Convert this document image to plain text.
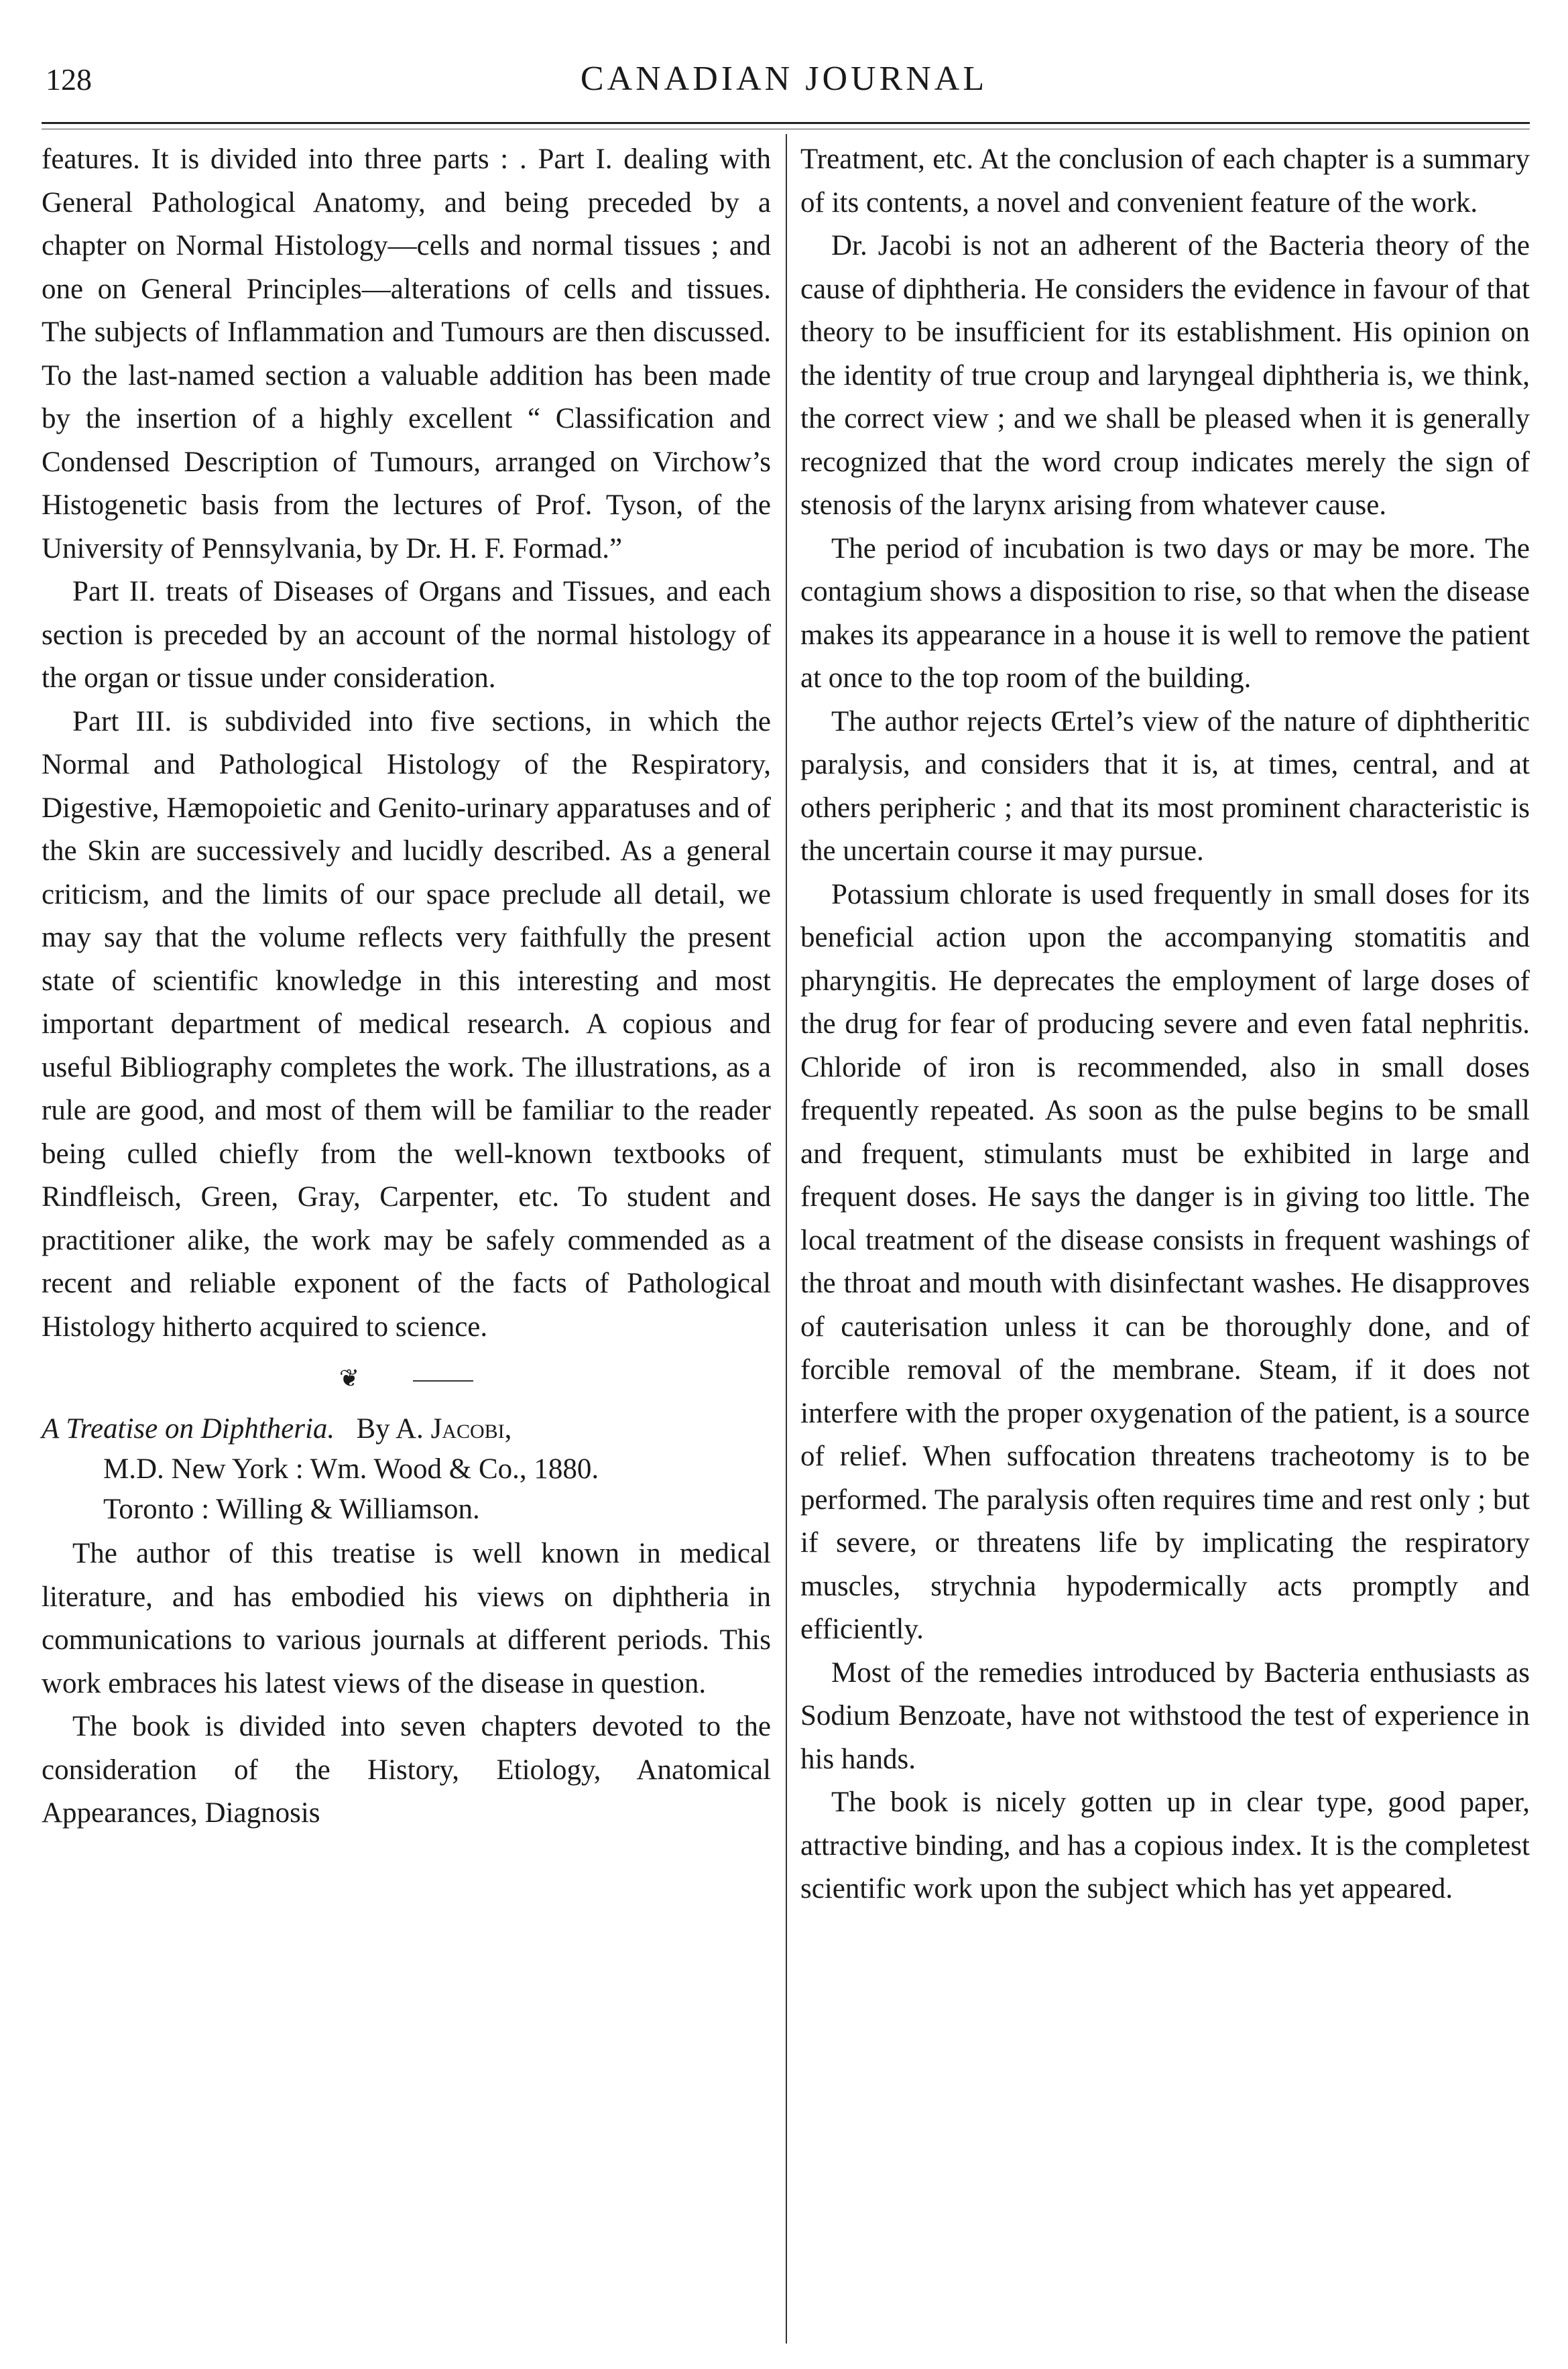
128	CANADIAN JOURNAL

features. It is divided into three parts : . Part I. dealing with General Pathological Anatomy, and being preceded by a chapter on Normal Histology—cells and normal tissues ; and one on General Principles—alterations of cells and tissues. The subjects of Inflammation and Tumours are then discussed. To the last-named section a valuable addition has been made by the insertion of a highly excellent “ Classification and Condensed Description of Tumours, arranged on Virchow’s Histogenetic basis from the lectures of Prof. Tyson, of the University of Pennsylvania, by Dr. H. F. Formad.”

Part II. treats of Diseases of Organs and Tissues, and each section is preceded by an account of the normal histology of the organ or tissue under consideration.

Part III. is subdivided into five sections, in which the Normal and Pathological Histology of the Respiratory, Digestive, Hæmopoietic and Genito-urinary apparatuses and of the Skin are successively and lucidly described. As a general criticism, and the limits of our space preclude all detail, we may say that the volume reflects very faithfully the present state of scientific knowledge in this interesting and most important department of medical research. A copious and useful Bibliography completes the work. The illustrations, as a rule are good, and most of them will be familiar to the reader being culled chiefly from the well-known textbooks of Rindfleisch, Green, Gray, Carpenter, etc. To student and practitioner alike, the work may be safely commended as a recent and reliable exponent of the facts of Pathological Histology hitherto acquired to science.

❦
A Treatise on Diphtheria. By A. Jacobi,
M.D. New York : Wm. Wood & Co., 1880.
Toronto : Willing & Williamson.

The author of this treatise is well known in medical literature, and has embodied his views on diphtheria in communications to various journals at different periods. This work embraces his latest views of the disease in question.

The book is divided into seven chapters devoted to the consideration of the History, Etiology, Anatomical Appearances, Diagnosis

Treatment, etc. At the conclusion of each chapter is a summary of its contents, a novel and convenient feature of the work.

Dr. Jacobi is not an adherent of the Bacteria theory of the cause of diphtheria. He considers the evidence in favour of that theory to be insufficient for its establishment. His opinion on the identity of true croup and laryngeal diphtheria is, we think, the correct view ; and we shall be pleased when it is generally recognized that the word croup indicates merely the sign of stenosis of the larynx arising from whatever cause.

The period of incubation is two days or may be more. The contagium shows a disposition to rise, so that when the disease makes its appearance in a house it is well to remove the patient at once to the top room of the building.

The author rejects Œrtel’s view of the nature of diphtheritic paralysis, and considers that it is, at times, central, and at others peripheric ; and that its most prominent characteristic is the uncertain course it may pursue.

Potassium chlorate is used frequently in small doses for its beneficial action upon the accompanying stomatitis and pharyngitis. He deprecates the employment of large doses of the drug for fear of producing severe and even fatal nephritis. Chloride of iron is recommended, also in small doses frequently repeated. As soon as the pulse begins to be small and frequent, stimulants must be exhibited in large and frequent doses. He says the danger is in giving too little. The local treatment of the disease consists in frequent washings of the throat and mouth with disinfectant washes. He disapproves of cauterisation unless it can be thoroughly done, and of forcible removal of the membrane. Steam, if it does not interfere with the proper oxygenation of the patient, is a source of relief. When suffocation threatens tracheotomy is to be performed. The paralysis often requires time and rest only ; but if severe, or threatens life by implicating the respiratory muscles, strychnia hypodermically acts promptly and efficiently.

Most of the remedies introduced by Bacteria enthusiasts as Sodium Benzoate, have not withstood the test of experience in his hands.

The book is nicely gotten up in clear type, good paper, attractive binding, and has a copious index. It is the completest scientific work upon the subject which has yet appeared.
